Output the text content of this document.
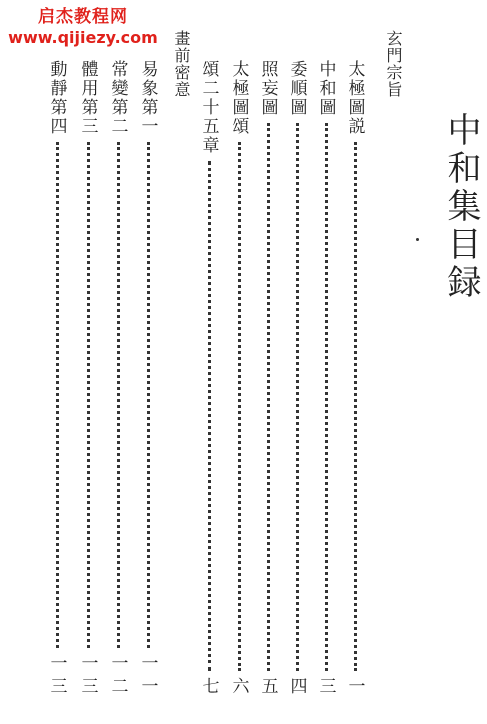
启杰教程网
www.qijiezy.com
中和集目録
玄門宗旨
畫前密意	太極圖説
一
中和圖
三
委順圖
四
照妄圖
五
太極圖頌
六
頌二十五章
七
易象第一
一一
常變第二
一二
體用第三
一三
動靜第四
一三
